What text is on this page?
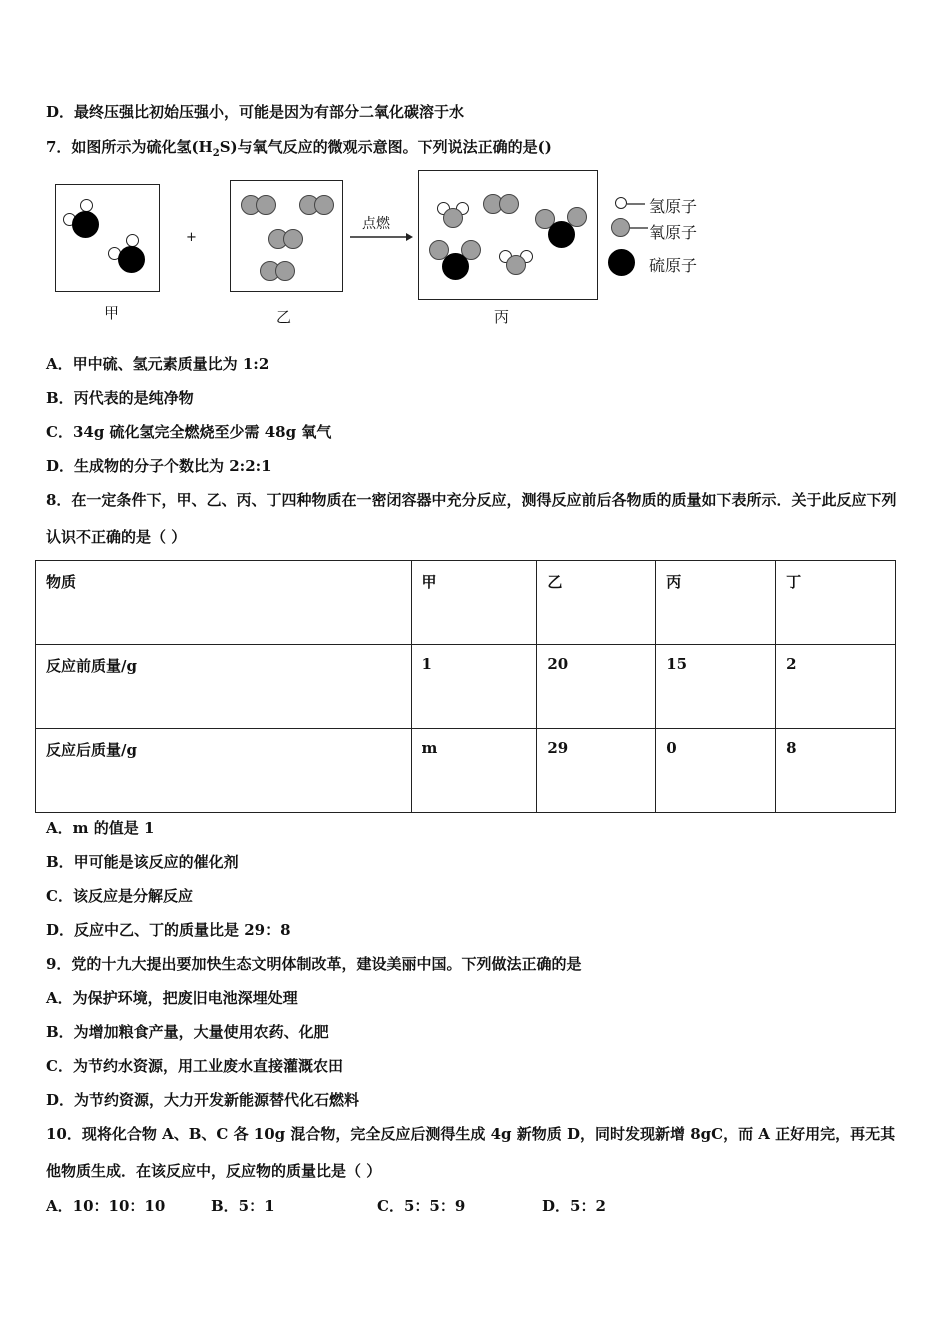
D．最终压强比初始压强小，可能是因为有部分二氧化碳溶于水
7．如图所示为硫化氢$(H_2S)$与氧气反应的微观示意图。下列说法正确的是()
甲
+
乙
点燃
丙
氢原子
氧原子
硫原子
A．甲中硫、氢元素质量比为 1:2
B．丙代表的是纯净物
C．34g 硫化氢完全燃烧至少需 48g 氧气
D．生成物的分子个数比为 2:2:1
8．在一定条件下，甲、乙、丙、丁四种物质在一密闭容器中充分反应，测得反应前后各物质的质量如下表所示．关于此反应下列认识不正确的是（ ）
物质	甲	乙	丙	丁
反应前质量/g	1	20	15	2
反应后质量/g	m	29	0	8
A．m 的值是 1
B．甲可能是该反应的催化剂
C．该反应是分解反应
D．反应中乙、丁的质量比是 29：8
9．党的十九大提出要加快生态文明体制改革，建设美丽中国。下列做法正确的是
A．为保护环境，把废旧电池深埋处理
B．为增加粮食产量，大量使用农药、化肥
C．为节约水资源，用工业废水直接灌溉农田
D．为节约资源，大力开发新能源替代化石燃料
10．现将化合物 A、B、C 各 10g 混合物，完全反应后测得生成 4g 新物质 D，同时发现新增 8gC，而 A 正好用完，再无其他物质生成．在该反应中，反应物的质量比是（ ）
A．10：10：10	B．5：1	C．5：5：9	D．5：2
